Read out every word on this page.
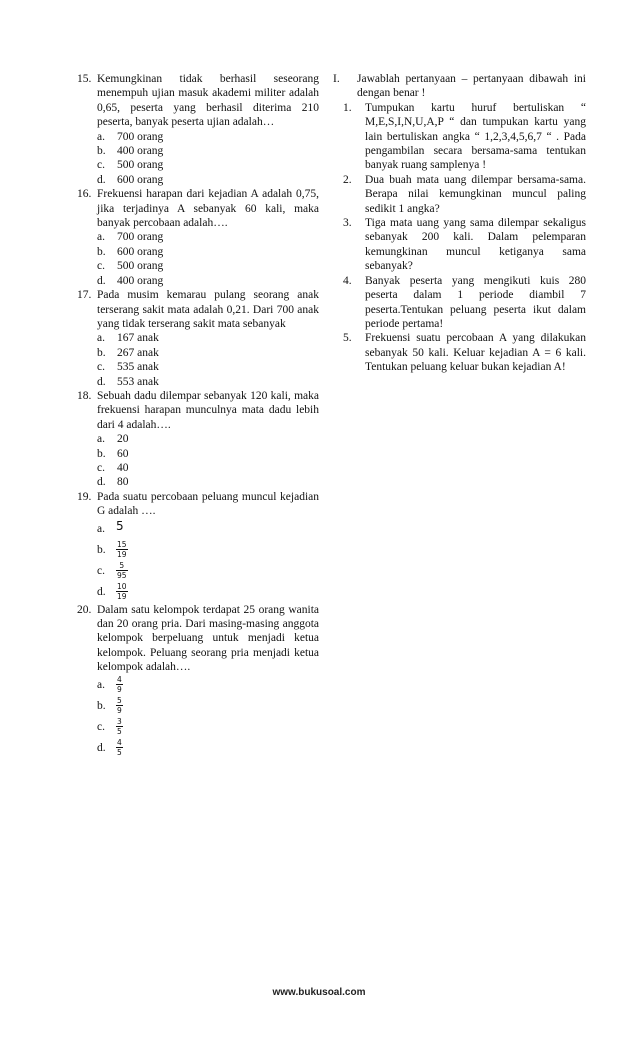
15. Kemungkinan tidak berhasil seseorang menempuh ujian masuk akademi militer adalah 0,65, peserta yang berhasil diterima 210 peserta, banyak peserta ujian adalah…
a. 700 orang
b. 400 orang
c. 500 orang
d. 600 orang
16. Frekuensi harapan dari kejadian A adalah 0,75, jika terjadinya A sebanyak 60 kali, maka banyak percobaan adalah….
a. 700 orang
b. 600 orang
c. 500 orang
d. 400 orang
17. Pada musim kemarau pulang seorang anak terserang sakit mata adalah 0,21. Dari 700 anak yang tidak terserang sakit mata sebanyak
a. 167 anak
b. 267 anak
c. 535 anak
d. 553 anak
18. Sebuah dadu dilempar sebanyak 120 kali, maka frekuensi harapan munculnya mata dadu lebih dari 4 adalah….
a. 20
b. 60
c. 40
d. 80
19. Pada suatu percobaan peluang muncul kejadian G adalah ….
a. 5
b. $\frac{15}{19}$
c. $\frac{5}{95}$
d. $\frac{10}{19}$
20. Dalam satu kelompok terdapat 25 orang wanita dan 20 orang pria. Dari masing-masing anggota kelompok berpeluang untuk menjadi ketua kelompok. Peluang seorang pria menjadi ketua kelompok adalah….
a. $\frac{4}{9}$
b. $\frac{5}{9}$
c. $\frac{3}{5}$
d. $\frac{4}{5}$
I. Jawablah pertanyaan – pertanyaan dibawah ini dengan benar !
1. Tumpukan kartu huruf bertuliskan “ M,E,S,I,N,U,A,P “ dan tumpukan kartu yang lain bertuliskan angka “ 1,2,3,4,5,6,7 “ . Pada pengambilan secara bersama-sama tentukan banyak ruang samplenya !
2. Dua buah mata uang dilempar bersama-sama. Berapa nilai kemungkinan muncul paling sedikit 1 angka?
3. Tiga mata uang yang sama dilempar sekaligus sebanyak 200 kali. Dalam pelemparan kemungkinan muncul ketiganya sama sebanyak?
4. Banyak peserta yang mengikuti kuis 280 peserta dalam 1 periode diambil 7 peserta.Tentukan peluang peserta ikut dalam periode pertama!
5. Frekuensi suatu percobaan A yang dilakukan sebanyak 50 kali. Keluar kejadian A = 6 kali. Tentukan peluang keluar bukan kejadian A!
www.bukusoal.com
